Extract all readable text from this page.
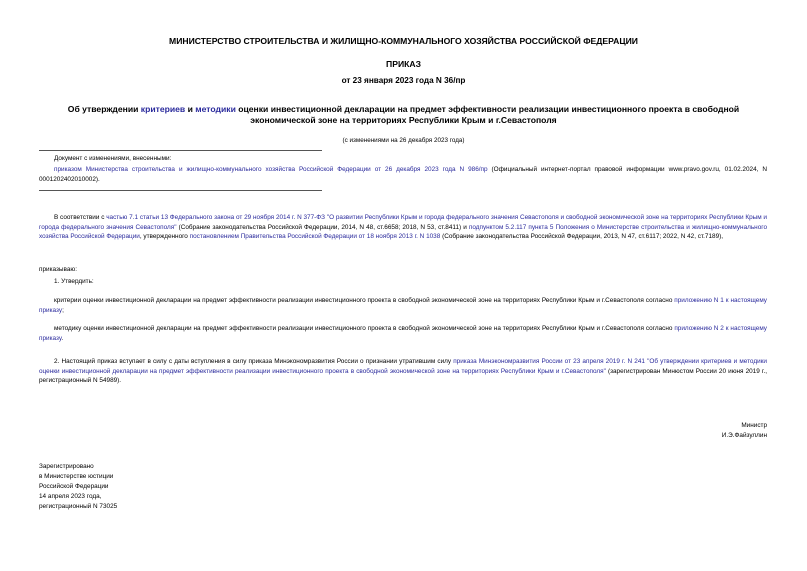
МИНИСТЕРСТВО СТРОИТЕЛЬСТВА И ЖИЛИЩНО-КОММУНАЛЬНОГО ХОЗЯЙСТВА РОССИЙСКОЙ ФЕДЕРАЦИИ
ПРИКАЗ
от 23 января 2023 года N 36/пр
Об утверждении критериев и методики оценки инвестиционной декларации на предмет эффективности реализации инвестиционного проекта в свободной экономической зоне на территориях Республики Крым и г.Севастополя
(с изменениями на 26 декабря 2023 года)
Документ с изменениями, внесенными:
приказом Министерства строительства и жилищно-коммунального хозяйства Российской Федерации от 26 декабря 2023 года N 986/пр (Официальный интернет-портал правовой информации www.pravo.gov.ru, 01.02.2024, N 0001202402010002).
В соответствии с частью 7.1 статьи 13 Федерального закона от 29 ноября 2014 г. N 377-ФЗ "О развитии Республики Крым и города федерального значения Севастополя и свободной экономической зоне на территориях Республики Крым и города федерального значения Севастополя" (Собрание законодательства Российской Федерации, 2014, N 48, ст.6658; 2018, N 53, ст.8411) и подпунктом 5.2.117 пункта 5 Положения о Министерстве строительства и жилищно-коммунального хозяйства Российской Федерации, утвержденного постановлением Правительства Российской Федерации от 18 ноября 2013 г. N 1038 (Собрание законодательства Российской Федерации, 2013, N 47, ст.6117; 2022, N 42, ст.7189),
приказываю:
1. Утвердить:
критерии оценки инвестиционной декларации на предмет эффективности реализации инвестиционного проекта в свободной экономической зоне на территориях Республики Крым и г.Севастополя согласно приложению N 1 к настоящему приказу;
методику оценки инвестиционной декларации на предмет эффективности реализации инвестиционного проекта в свободной экономической зоне на территориях Республики Крым и г.Севастополя согласно приложению N 2 к настоящему приказу.
2. Настоящий приказ вступает в силу с даты вступления в силу приказа Минэкономразвития России о признании утратившим силу приказа Минэкономразвития России от 23 апреля 2019 г. N 241 "Об утверждении критериев и методики оценки инвестиционной декларации на предмет эффективности реализации инвестиционного проекта в свободной экономической зоне на территориях Республики Крым и г.Севастополя" (зарегистрирован Минюстом России 20 июня 2019 г., регистрационный N 54989).
Министр
И.Э.Файзуллин
Зарегистрировано
в Министерстве юстиции
Российской Федерации
14 апреля 2023 года,
регистрационный N 73025
